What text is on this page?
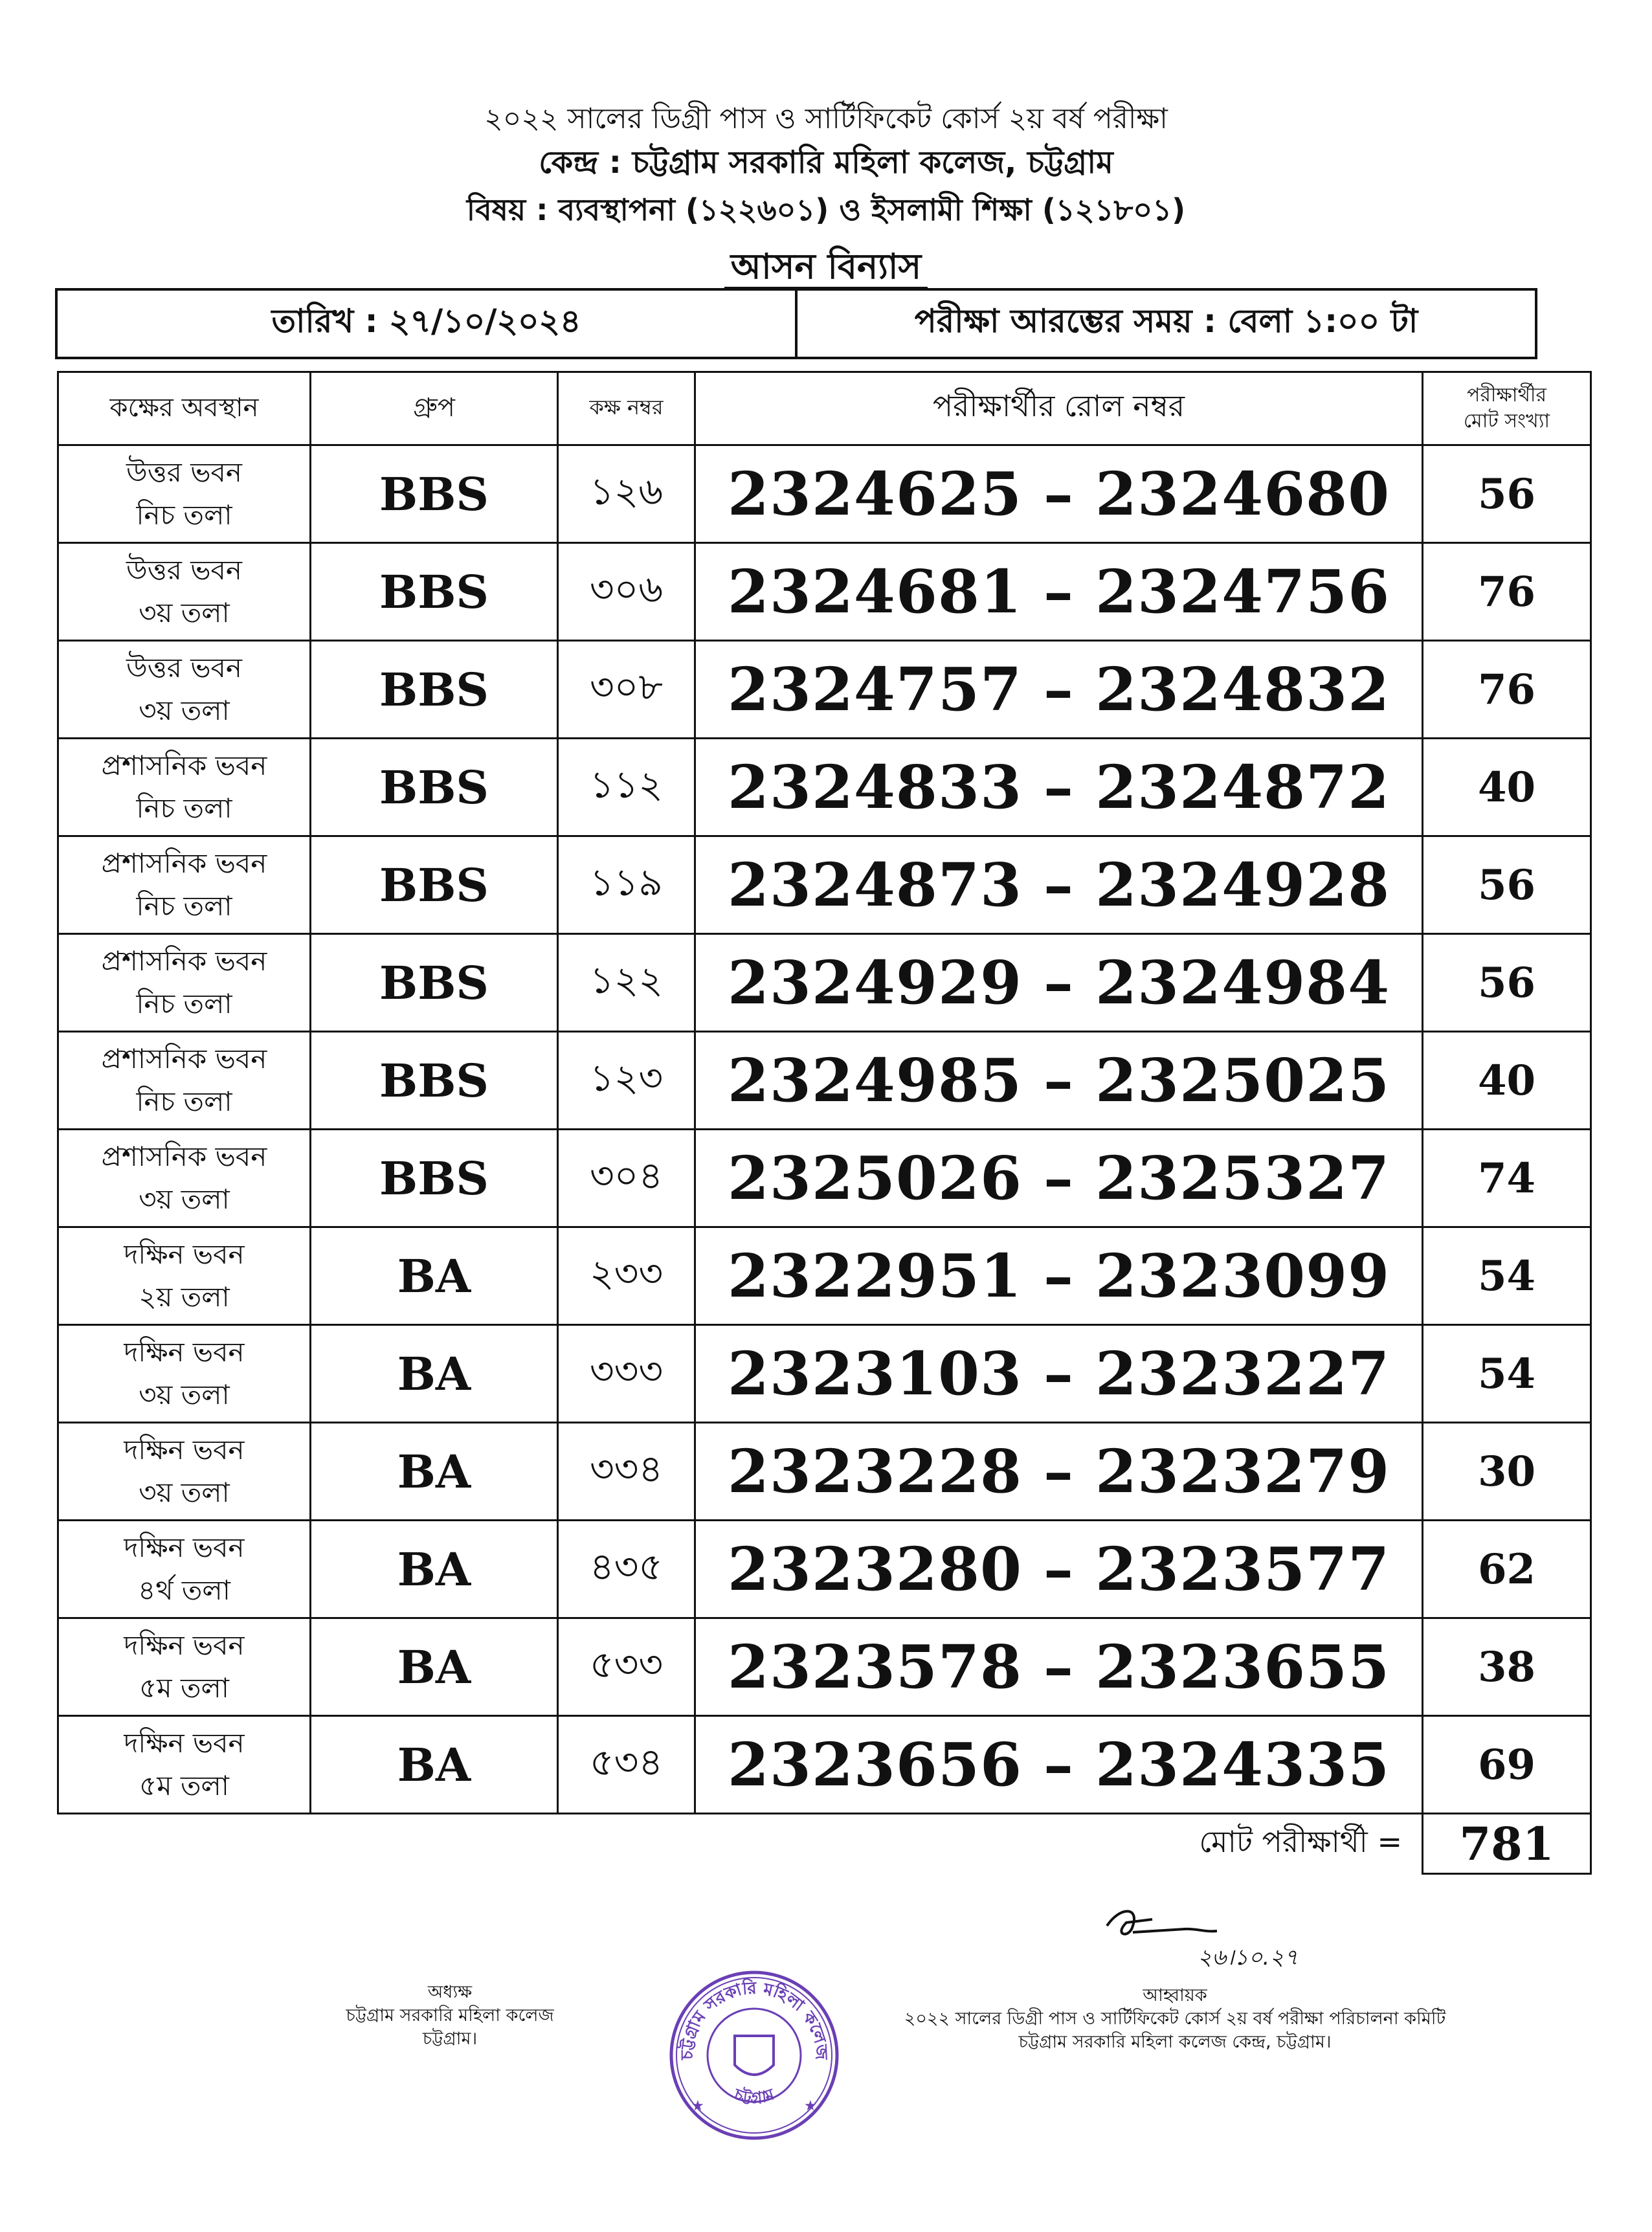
২০২২ সালের ডিগ্রী পাস ও সার্টিফিকেট কোর্স ২য় বর্ষ পরীক্ষা
কেন্দ্র : চট্টগ্রাম সরকারি মহিলা কলেজ, চট্টগ্রাম
বিষয় : ব্যবস্থাপনা (১২২৬০১) ও ইসলামী শিক্ষা (১২১৮০১)
আসন বিন্যাস
তারিখ : ২৭/১০/২০২৪	পরীক্ষা আরম্ভের সময় : বেলা ১:০০ টা
কক্ষের অবস্থান	গ্রুপ	কক্ষ নম্বর	পরীক্ষার্থীর রোল নম্বর	পরীক্ষার্থীর
মোট সংখ্যা

উত্তর ভবন
নিচ তলা	BBS	১২৬	2324625 – 2324680	56

উত্তর ভবন
৩য় তলা	BBS	৩০৬	2324681 – 2324756	76

উত্তর ভবন
৩য় তলা	BBS	৩০৮	2324757 – 2324832	76

প্রশাসনিক ভবন
নিচ তলা	BBS	১১২	2324833 – 2324872	40

প্রশাসনিক ভবন
নিচ তলা	BBS	১১৯	2324873 – 2324928	56

প্রশাসনিক ভবন
নিচ তলা	BBS	১২২	2324929 – 2324984	56

প্রশাসনিক ভবন
নিচ তলা	BBS	১২৩	2324985 – 2325025	40

প্রশাসনিক ভবন
৩য় তলা	BBS	৩০৪	2325026 – 2325327	74

দক্ষিন ভবন
২য় তলা	BA	২৩৩	2322951 – 2323099	54

দক্ষিন ভবন
৩য় তলা	BA	৩৩৩	2323103 – 2323227	54

দক্ষিন ভবন
৩য় তলা	BA	৩৩৪	2323228 – 2323279	30

দক্ষিন ভবন
৪র্থ তলা	BA	৪৩৫	2323280 – 2323577	62

দক্ষিন ভবন
৫ম তলা	BA	৫৩৩	2323578 – 2323655	38

দক্ষিন ভবন
৫ম তলা	BA	৫৩৪	2323656 – 2324335	69
মোট পরীক্ষার্থী =				781
২৬।১০.২৭
অধ্যক্ষ
চট্টগ্রাম সরকারি মহিলা কলেজ
চট্টগ্রাম।
আহ্বায়ক
২০২২ সালের ডিগ্রী পাস ও সার্টিফিকেট কোর্স ২য় বর্ষ পরীক্ষা পরিচালনা কমিটি
চট্টগ্রাম সরকারি মহিলা কলেজ কেন্দ্র, চট্টগ্রাম।
চট্টগ্রাম সরকারি মহিলা কলেজ
চট্টগ্রাম
★	★
